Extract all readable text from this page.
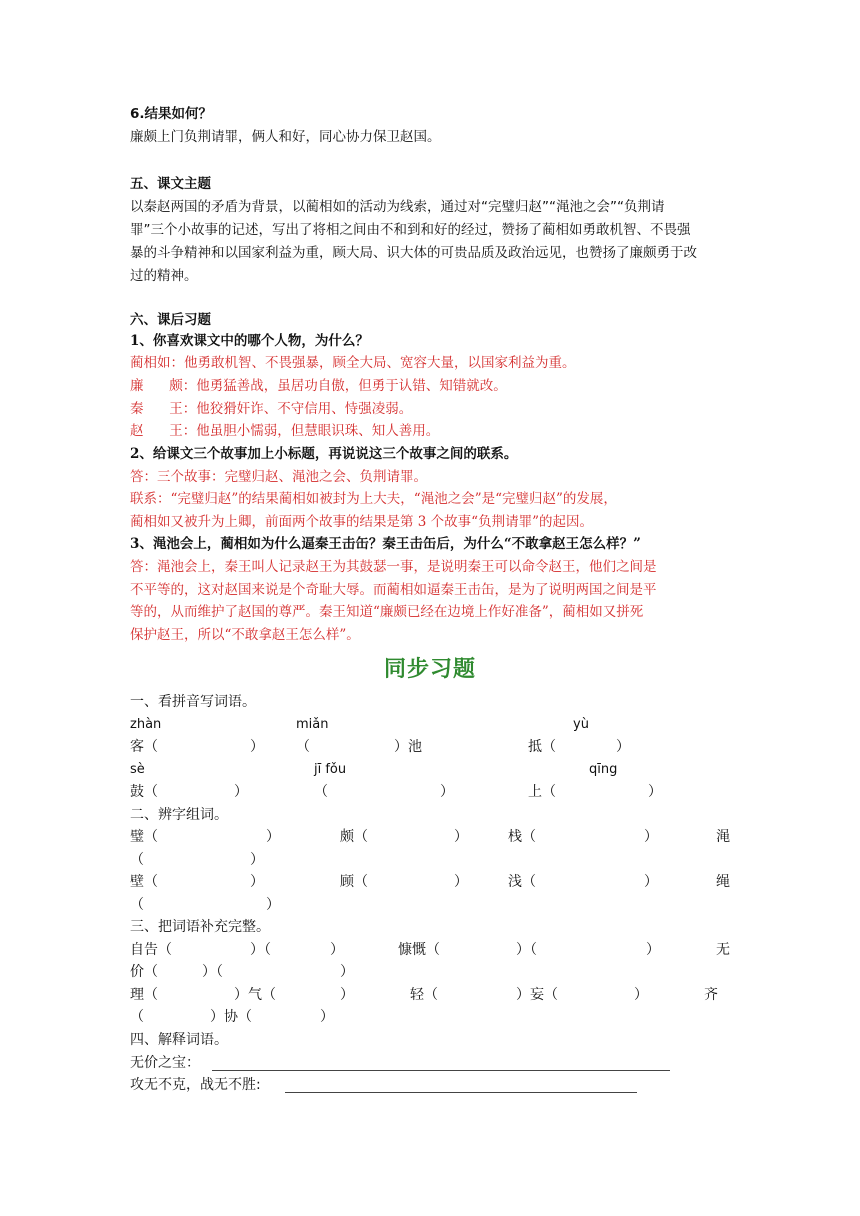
6.结果如何？
廉颇上门负荆请罪，俩人和好，同心协力保卫赵国。
五、课文主题
以秦赵两国的矛盾为背景，以蔺相如的活动为线索，通过对“完璧归赵”“渑池之会”“负荆请
罪”三个小故事的记述，写出了将相之间由不和到和好的经过，赞扬了蔺相如勇敢机智、不畏强
暴的斗争精神和以国家利益为重，顾大局、识大体的可贵品质及政治远见，也赞扬了廉颇勇于改
过的精神。
六、课后习题
1、你喜欢课文中的哪个人物，为什么？
蔺相如：他勇敢机智、不畏强暴，顾全大局、宽容大量，以国家利益为重。
廉      颇：他勇猛善战，虽居功自傲，但勇于认错、知错就改。
秦      王：他狡猾奸诈、不守信用、恃强凌弱。
赵      王：他虽胆小懦弱，但慧眼识珠、知人善用。
2、给课文三个故事加上小标题，再说说这三个故事之间的联系。
答：三个故事：完璧归赵、渑池之会、负荆请罪。
联系：“完璧归赵”的结果蔺相如被封为上大夫，“渑池之会”是“完璧归赵”的发展，
蔺相如又被升为上卿，前面两个故事的结果是第 3 个故事“负荆请罪”的起因。
3、渑池会上，蔺相如为什么逼秦王击缶？秦王击缶后，为什么“不敢拿赵王怎么样？”
答：渑池会上，秦王叫人记录赵王为其鼓瑟一事，是说明秦王可以命令赵王，他们之间是
不平等的，这对赵国来说是个奇耻大辱。而蔺相如逼秦王击缶，是为了说明两国之间是平
等的，从而维护了赵国的尊严。秦王知道“廉颇已经在边境上作好准备”，蔺相如又拼死
保护赵王，所以“不敢拿赵王怎么样”。
同步习题
一、看拼音写词语。
zhàn	miǎn	yù
客（	） （	）池	抵（	）
sè	jī fǒu	qīng
鼓（	）	（	）	上（	）
二、辨字组词。
璧（	）	颇（	）	栈（	）	渑
（	）
壁（	）	顾（	）	浅（	）	绳
（	）
三、把词语补充完整。
自告（	）（	）	慷慨（	）（	）	无
价（	）（	）
理（	）气（	）	轻（	）妄（	）	齐
（	）协（	）
四、解释词语。
无价之宝：
攻无不克，战无不胜:
